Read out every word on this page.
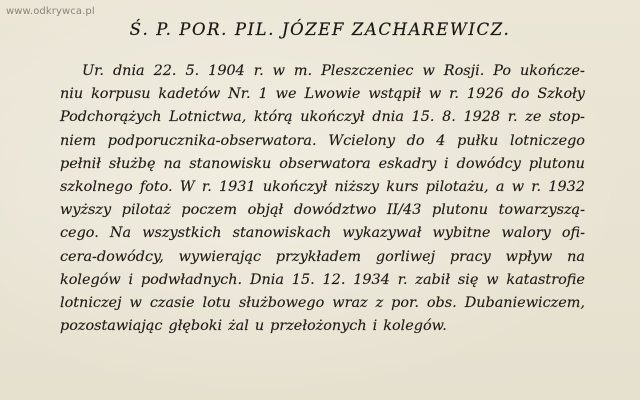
www.odkrywca.pl
Ś. P. POR. PIL. JÓZEF ZACHAREWICZ.
Ur. dnia 22. 5. 1904 r. w m. Pleszczeniec w Rosji. Po ukończe-
niu korpusu kadetów Nr. 1 we Lwowie wstąpił w r. 1926 do Szkoły
Podchorążych Lotnictwa, którą ukończył dnia 15. 8. 1928 r. ze stop-
niem podporucznika-obserwatora. Wcielony do 4 pułku lotniczego
pełnił służbę na stanowisku obserwatora eskadry i dowódcy plutonu
szkolnego foto. W r. 1931 ukończył niższy kurs pilotażu, a w r. 1932
wyższy pilotaż poczem objął dowództwo II/43 plutonu towarzyszą-
cego. Na wszystkich stanowiskach wykazywał wybitne walory ofi-
cera-dowódcy, wywierając przykładem gorliwej pracy wpływ na
kolegów i podwładnych. Dnia 15. 12. 1934 r. zabił się w katastrofie
lotniczej w czasie lotu służbowego wraz z por. obs. Dubaniewiczem,
pozostawiając głęboki żal u przełożonych i kolegów.
